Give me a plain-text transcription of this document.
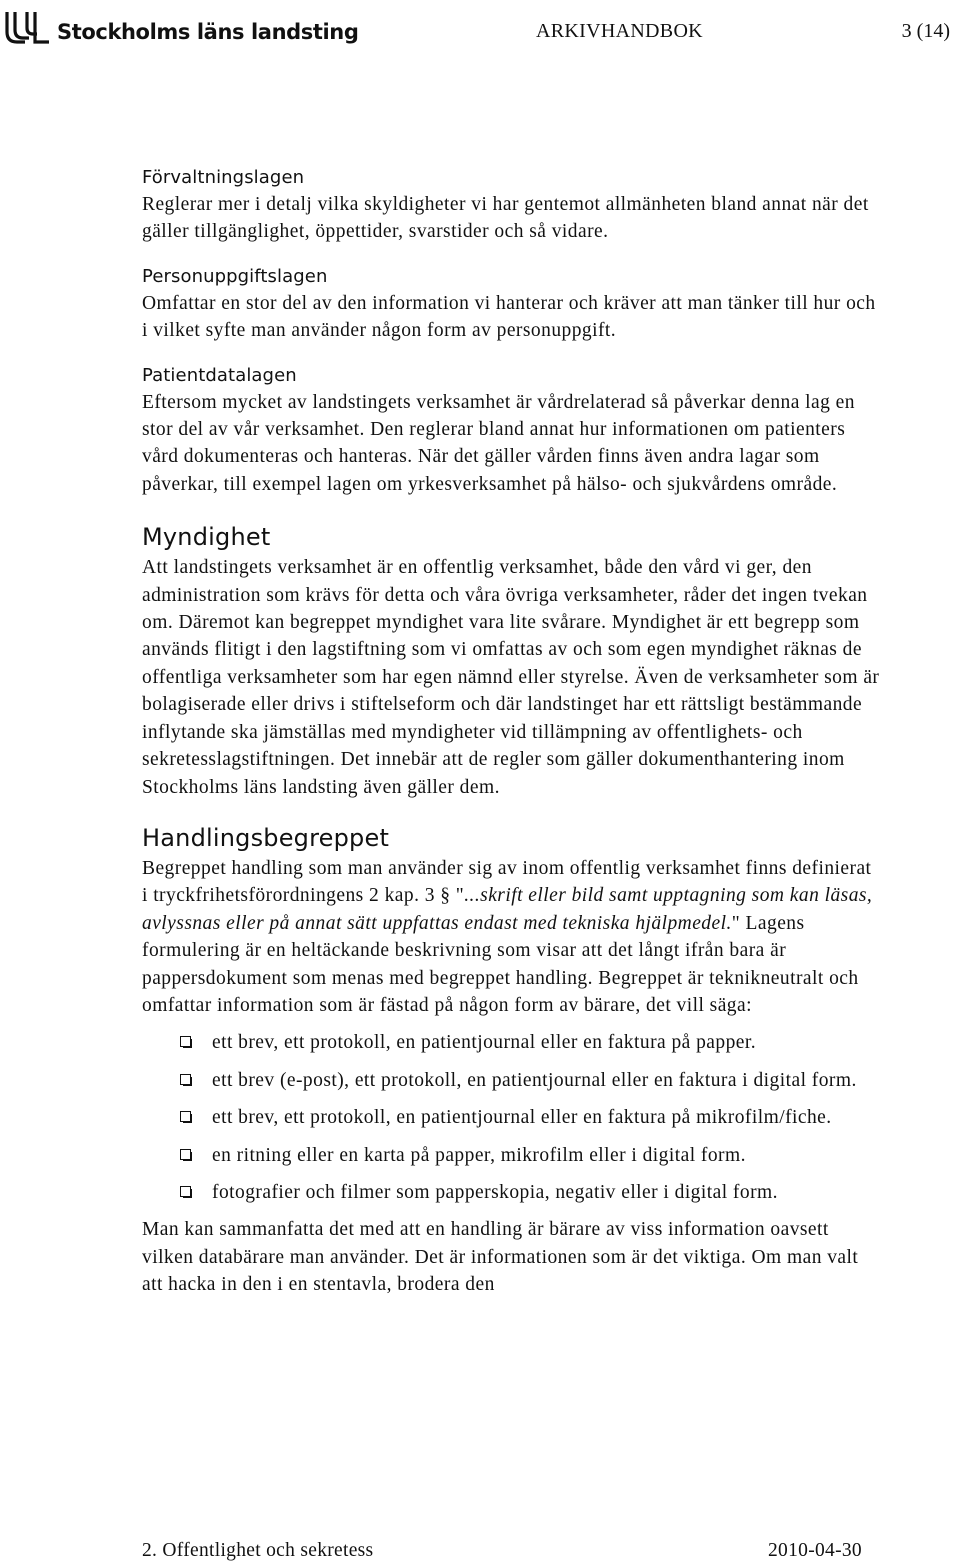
Stockholms läns landsting	ARKIVHANDBOK	3 (14)
Förvaltningslagen

Reglerar mer i detalj vilka skyldigheter vi har gentemot allmänheten bland annat när det gäller tillgänglighet, öppettider, svarstider och så vidare.

Personuppgiftslagen

Omfattar en stor del av den information vi hanterar och kräver att man tänker till hur och i vilket syfte man använder någon form av personuppgift.

Patientdatalagen

Eftersom mycket av landstingets verksamhet är vårdrelaterad så påverkar denna lag en stor del av vår verksamhet. Den reglerar bland annat hur informationen om patienters vård dokumenteras och hanteras. När det gäller vården finns även andra lagar som påverkar, till exempel lagen om yrkesverksamhet på hälso- och sjukvårdens område.

Myndighet

Att landstingets verksamhet är en offentlig verksamhet, både den vård vi ger, den administration som krävs för detta och våra övriga verksamheter, råder det ingen tvekan om. Däremot kan begreppet myndighet vara lite svårare. Myndighet är ett begrepp som används flitigt i den lagstiftning som vi omfattas av och som egen myndighet räknas de offentliga verksamheter som har egen nämnd eller styrelse. Även de verksamheter som är bolagiserade eller drivs i stiftelseform och där landstinget har ett rättsligt bestämmande inflytande ska jämställas med myndigheter vid tillämpning av offentlighets- och sekretesslagstiftningen. Det innebär att de regler som gäller dokumenthantering inom Stockholms läns landsting även gäller dem.

Handlingsbegreppet

Begreppet handling som man använder sig av inom offentlig verksamhet finns definierat i tryckfrihetsförordningens 2 kap. 3 § "...skrift eller bild samt upptagning som kan läsas, avlyssnas eller på annat sätt uppfattas endast med tekniska hjälpmedel." Lagens formulering är en heltäckande beskrivning som visar att det långt ifrån bara är pappersdokument som menas med begreppet handling. Begreppet är teknikneutralt och omfattar information som är fästad på någon form av bärare, det vill säga:

ett brev, ett protokoll, en patientjournal eller en faktura på papper.
ett brev (e-post), ett protokoll, en patientjournal eller en faktura i digital form.
ett brev, ett protokoll, en patientjournal eller en faktura på mikrofilm/fiche.
en ritning eller en karta på papper, mikrofilm eller i digital form.
fotografier och filmer som papperskopia, negativ eller i digital form.

Man kan sammanfatta det med att en handling är bärare av viss information oavsett vilken databärare man använder. Det är informationen som är det viktiga. Om man valt att hacka in den i en stentavla, brodera den

2. Offentlighet och sekretess	2010-04-30
